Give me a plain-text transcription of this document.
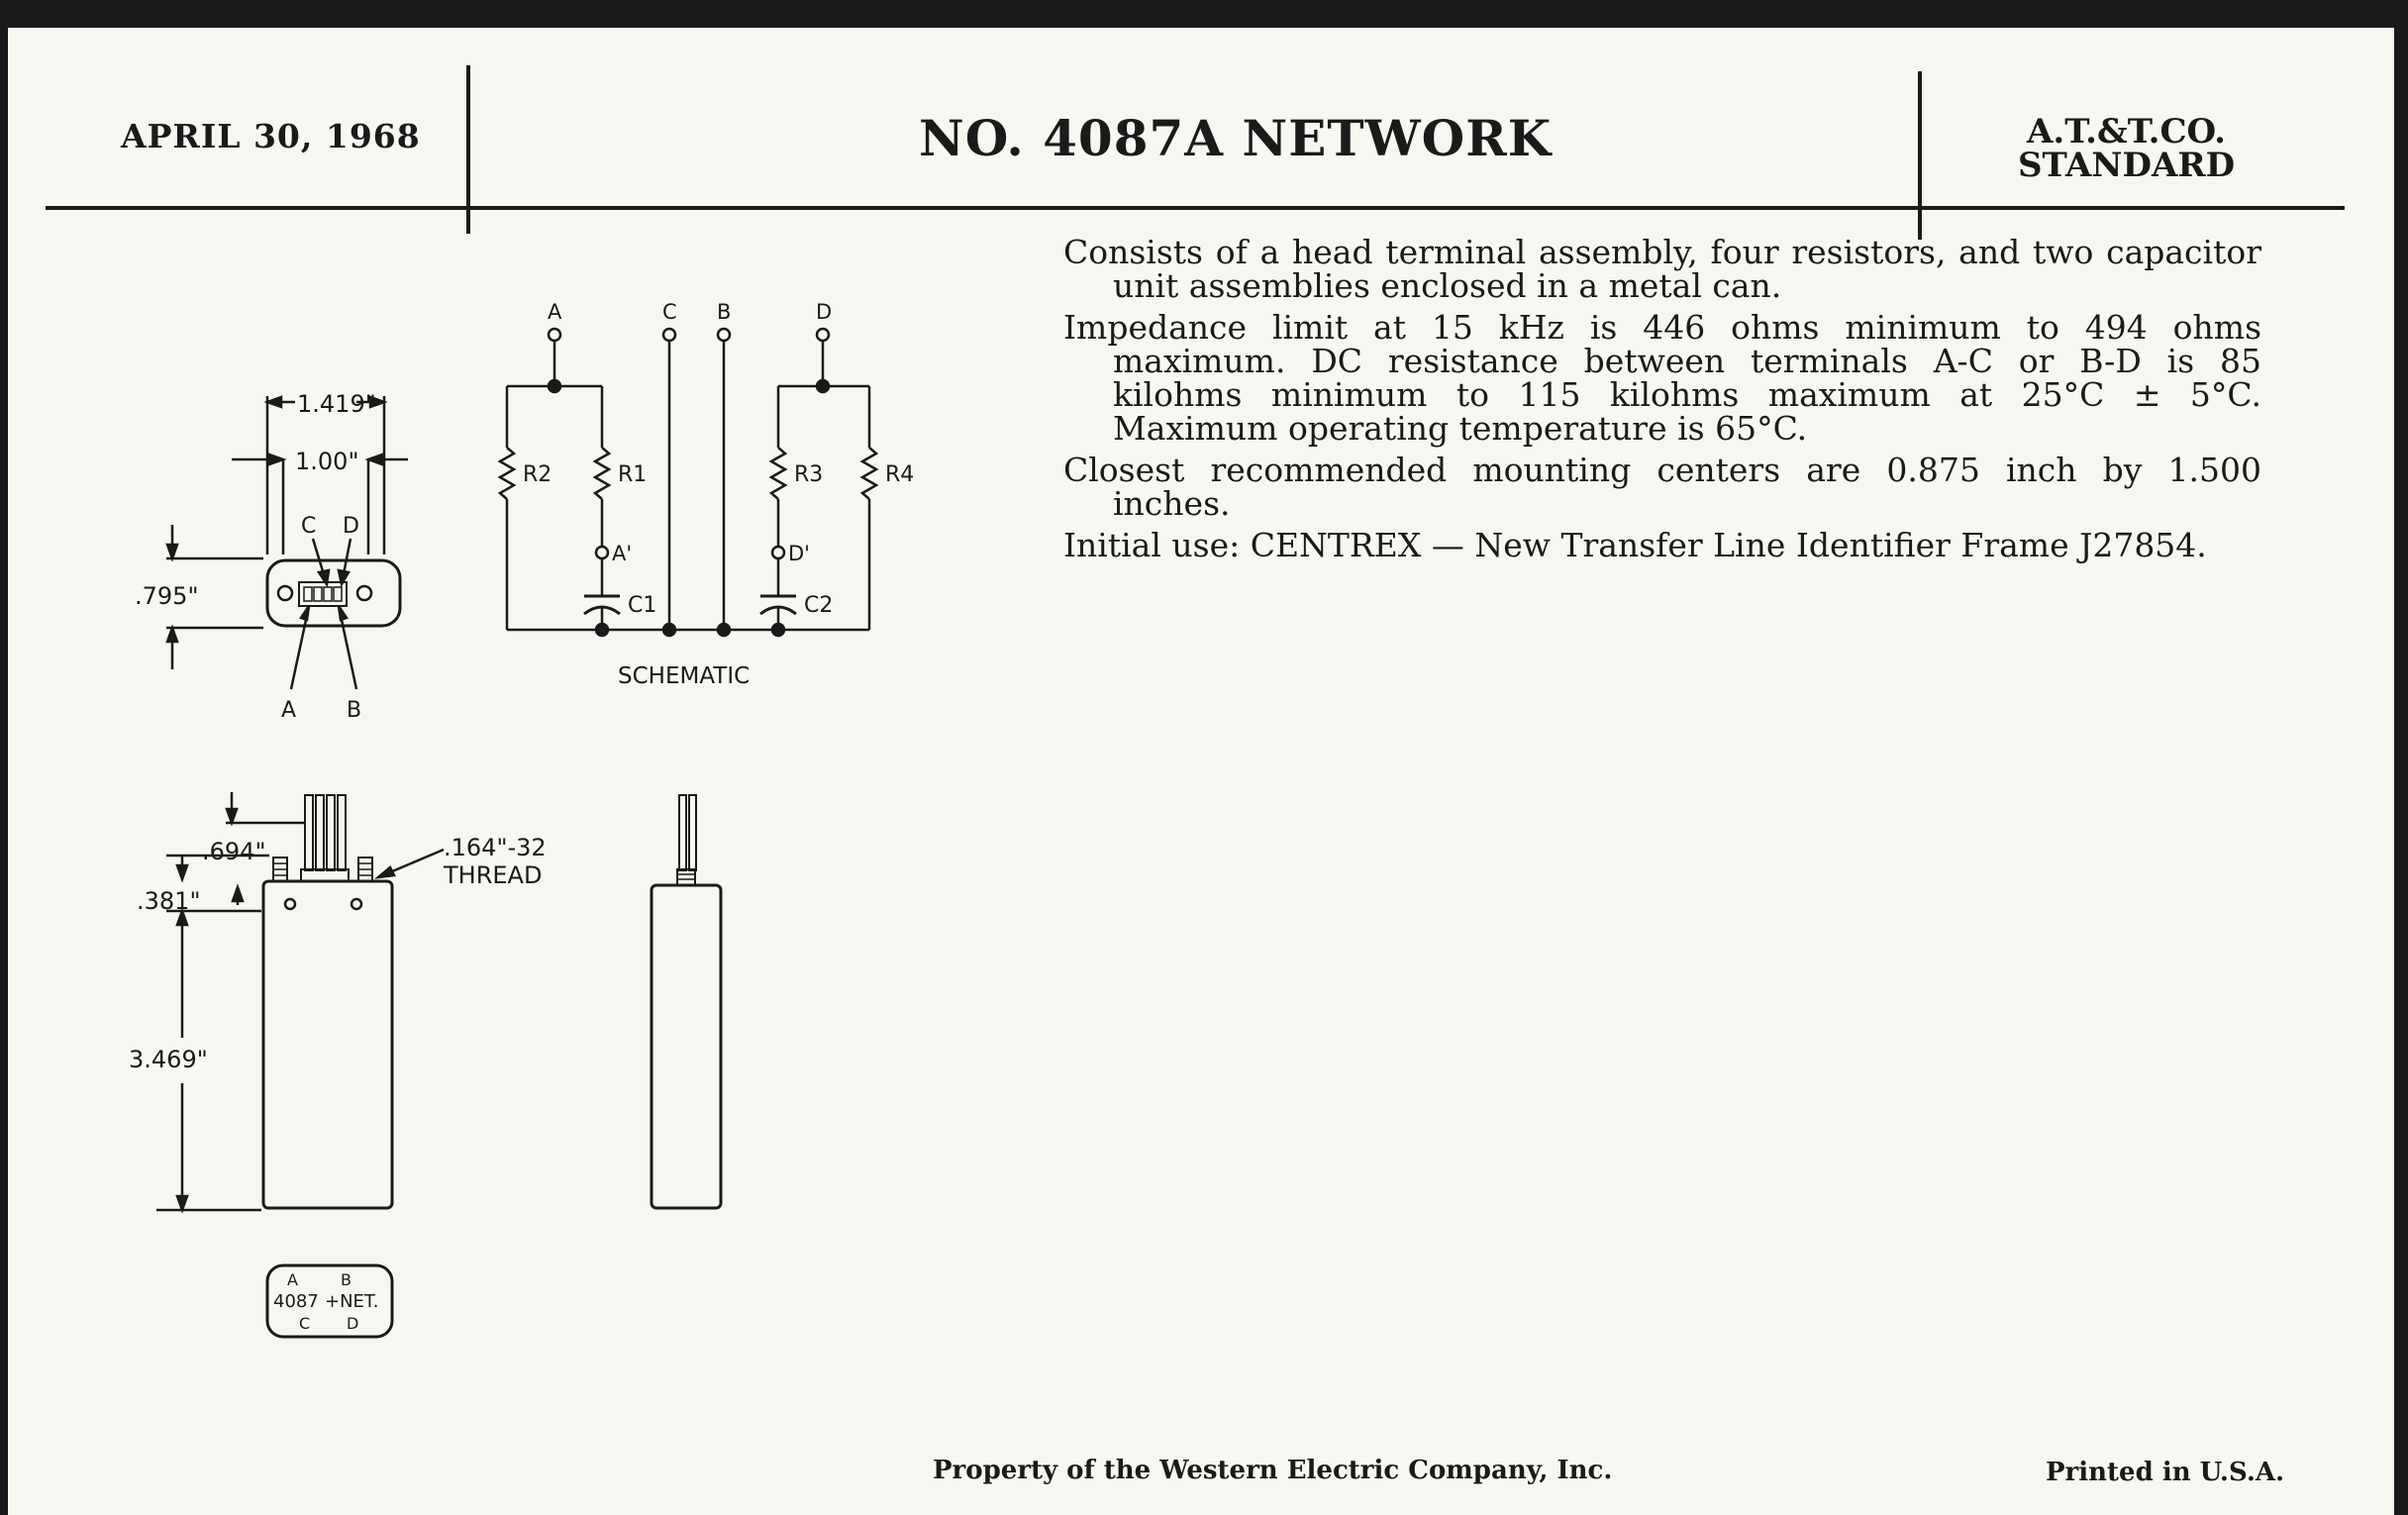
APRIL 30, 1968	NO. 4087A NETWORK	A.T.&T.CO.
STANDARD

Consists of a head terminal assembly, four resistors, and two capacitor unit assemblies enclosed in a metal can.

Impedance limit at 15 kHz is 446 ohms minimum to 494 ohms maximum. DC resistance between terminals A-C or B-D is 85 kilohms minimum to 115 kilohms maximum at 25°C ± 5°C. Maximum operating temperature is 65°C.

Closest recommended mounting centers are 0.875 inch by 1.500 inches.

Initial use: CENTREX — New Transfer Line Identifier Frame J27854.

1.419"
1.00"
.795"
C D
A B
A	C B	D
R2	R1	R3	R4
A'	D'
C1	C2
SCHEMATIC
.694"
.381"
3.469"
.164"-32
THREAD
A	B
4087 +NET.
C D
Property of the Western Electric Company, Inc.	Printed in U.S.A.
